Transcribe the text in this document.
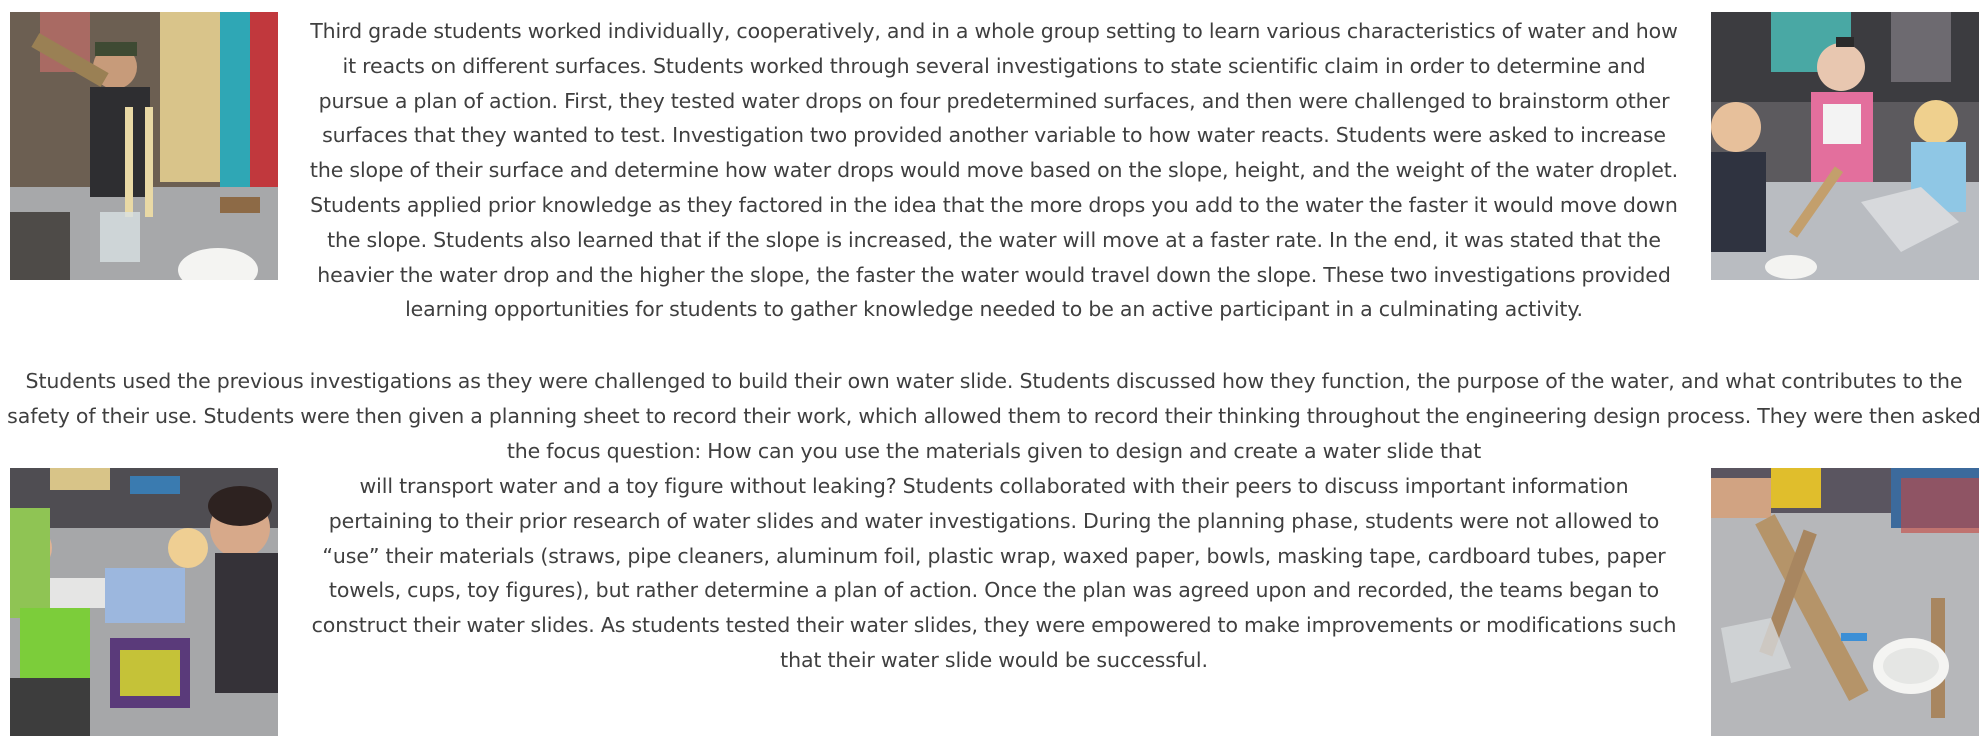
Third grade students worked individually, cooperatively, and in a whole group setting to learn various characteristics of water and how it reacts on different surfaces. Students worked through several investigations to state scientific claim in order to determine and pursue a plan of action. First, they tested water drops on four predetermined surfaces, and then were challenged to brainstorm other surfaces that they wanted to test. Investigation two provided another variable to how water reacts. Students were asked to increase the slope of their surface and determine how water drops would move based on the slope, height, and the weight of the water droplet. Students applied prior knowledge as they factored in the idea that the more drops you add to the water the faster it would move down the slope. Students also learned that if the slope is increased, the water will move at a faster rate. In the end, it was stated that the heavier the water drop and the higher the slope, the faster the water would travel down the slope. These two investigations provided learning opportunities for students to gather knowledge needed to be an active participant in a culminating activity.

Students used the previous investigations as they were challenged to build their own water slide. Students discussed how they function, the purpose of the water, and what contributes to the safety of their use. Students were then given a planning sheet to record their work, which allowed them to record their thinking throughout the engineering design process. They were then asked the focus question: How can you use the materials given to design and create a water slide that

will transport water and a toy figure without leaking? Students collaborated with their peers to discuss important information pertaining to their prior research of water slides and water investigations. During the planning phase, students were not allowed to “use” their materials (straws, pipe cleaners, aluminum foil, plastic wrap, waxed paper, bowls, masking tape, cardboard tubes, paper towels, cups, toy figures), but rather determine a plan of action. Once the plan was agreed upon and recorded, the teams began to construct their water slides. As students tested their water slides, they were empowered to make improvements or modifications such that their water slide would be successful.
